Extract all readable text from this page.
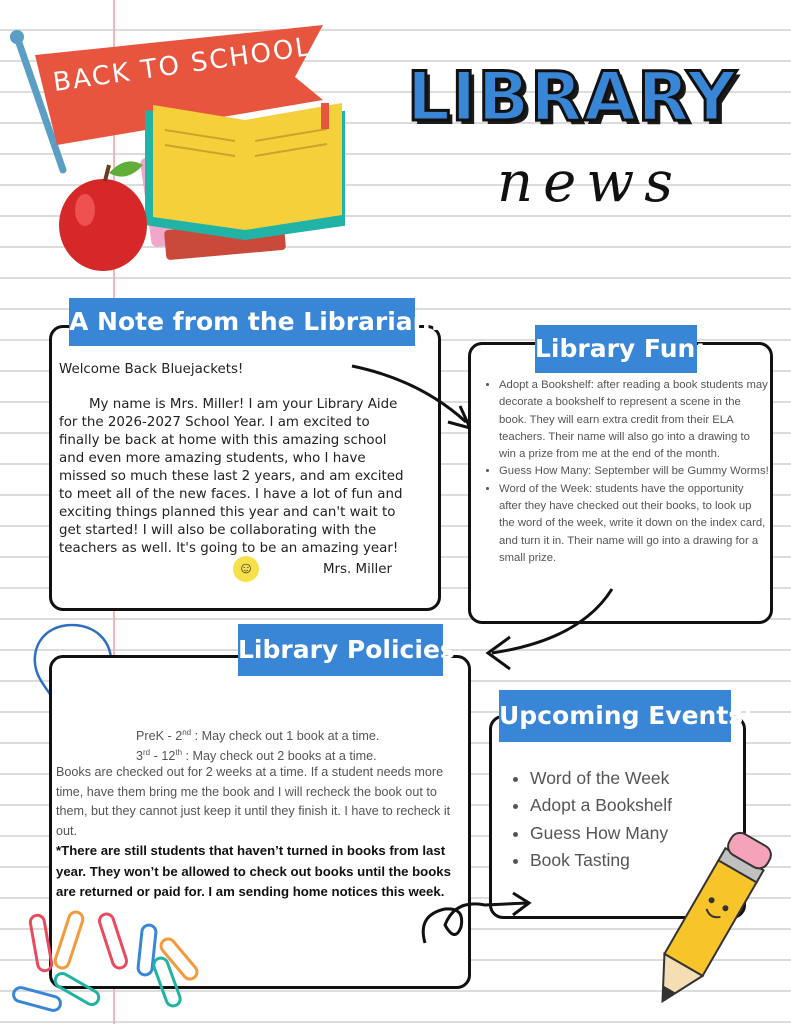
BACK TO SCHOOL	LIBRARY
news
Welcome Back Bluejackets!
My name is Mrs. Miller! I am your Library Aide for the 2026-2027 School Year. I am excited to finally be back at home with this amazing school and even more amazing students, who I have missed so much these last 2 years, and am excited to meet all of the new faces. I have a lot of fun and exciting things planned this year and can't wait to get started! I will also be collaborating with the teachers as well. It's going to be an amazing year!
☺	Mrs. Miller
A Note from the Librarian:
• Adopt a Bookshelf: after reading a book students may decorate a bookshelf to represent a scene in the book. They will earn extra credit from their ELA teachers. Their name will also go into a drawing to win a prize from me at the end of the month.
• Guess How Many: September will be Gummy Worms!
• Word of the Week: students have the opportunity after they have checked out their books, to look up the word of the week, write it down on the index card, and turn it in. Their name will go into a drawing for a small prize.
Library Fun:
PreK - 2nd : May check out 1 book at a time.
3rd - 12th : May check out 2 books at a time.
Books are checked out for 2 weeks at a time. If a student needs more time, have them bring me the book and I will recheck the book out to them, but they cannot just keep it until they finish it. I have to recheck it out.
*There are still students that haven’t turned in books from last year. They won’t be allowed to check out books until the books are returned or paid for. I am sending home notices this week.
Library Policies
• Word of the Week
• Adopt a Bookshelf
• Guess How Many
• Book Tasting
Upcoming Events:
